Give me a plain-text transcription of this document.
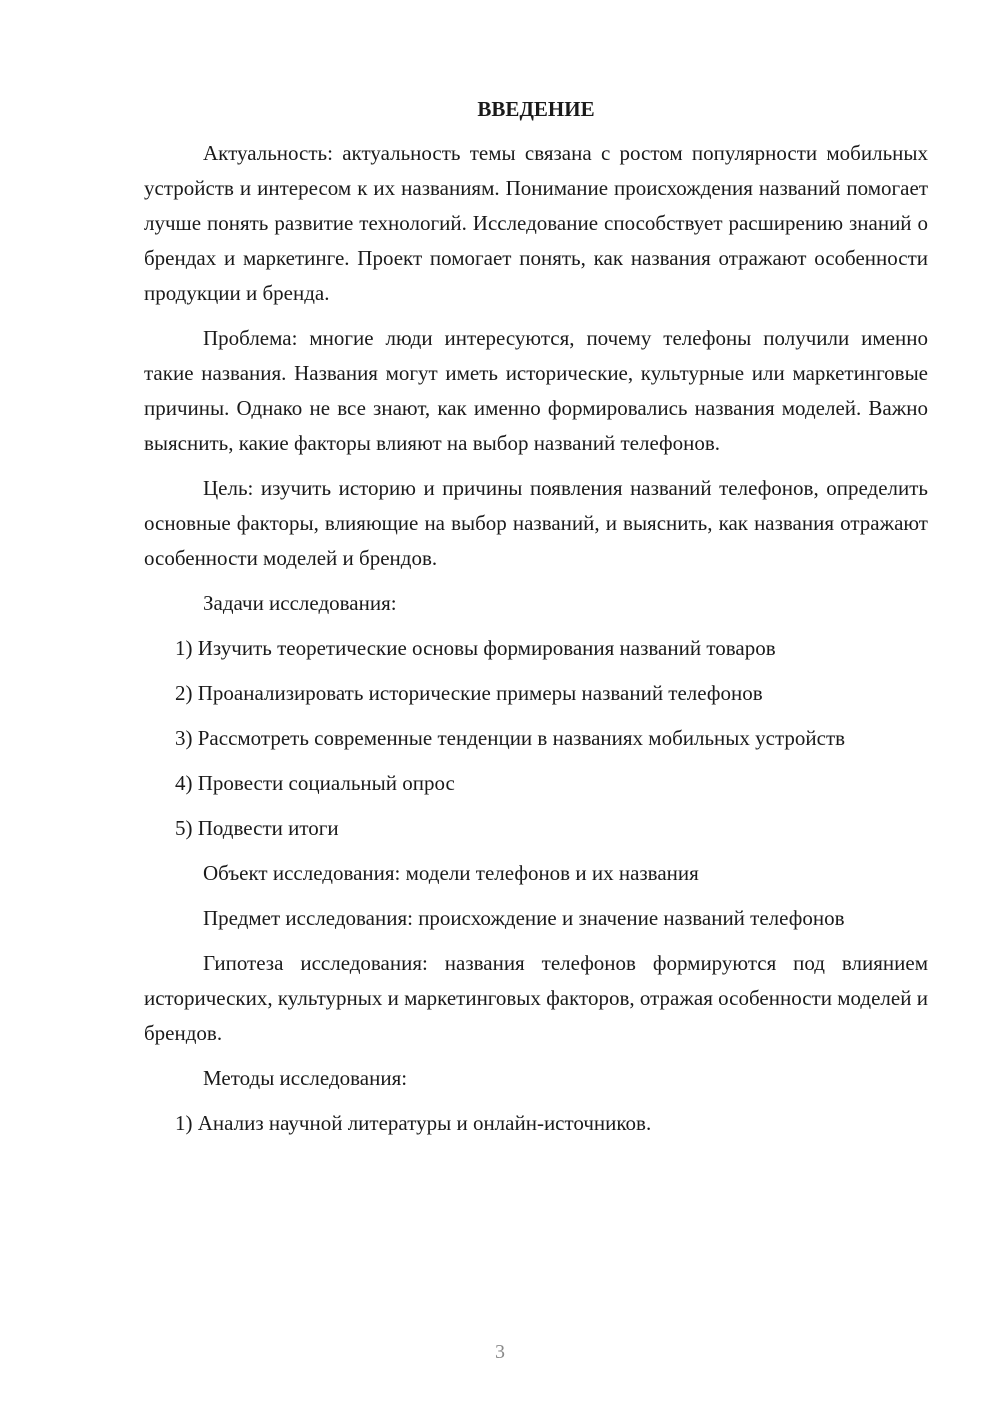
ВВЕДЕНИЕ

Актуальность: актуальность темы связана с ростом популярности мобильных устройств и интересом к их названиям. Понимание происхождения названий помогает лучше понять развитие технологий. Исследование способствует расширению знаний о брендах и маркетинге. Проект помогает понять, как названия отражают особенности продукции и бренда.

Проблема: многие люди интересуются, почему телефоны получили именно такие названия. Названия могут иметь исторические, культурные или маркетинговые причины. Однако не все знают, как именно формировались названия моделей. Важно выяснить, какие факторы влияют на выбор названий телефонов.

Цель: изучить историю и причины появления названий телефонов, определить основные факторы, влияющие на выбор названий, и выяснить, как названия отражают особенности моделей и брендов.

Задачи исследования:

1) Изучить теоретические основы формирования названий товаров

2) Проанализировать исторические примеры названий телефонов

3) Рассмотреть современные тенденции в названиях мобильных устройств

4) Провести социальный опрос

5) Подвести итоги

Объект исследования: модели телефонов и их названия

Предмет исследования: происхождение и значение названий телефонов

Гипотеза исследования: названия телефонов формируются под влиянием исторических, культурных и маркетинговых факторов, отражая особенности моделей и брендов.

Методы исследования:

1) Анализ научной литературы и онлайн-источников.

3
